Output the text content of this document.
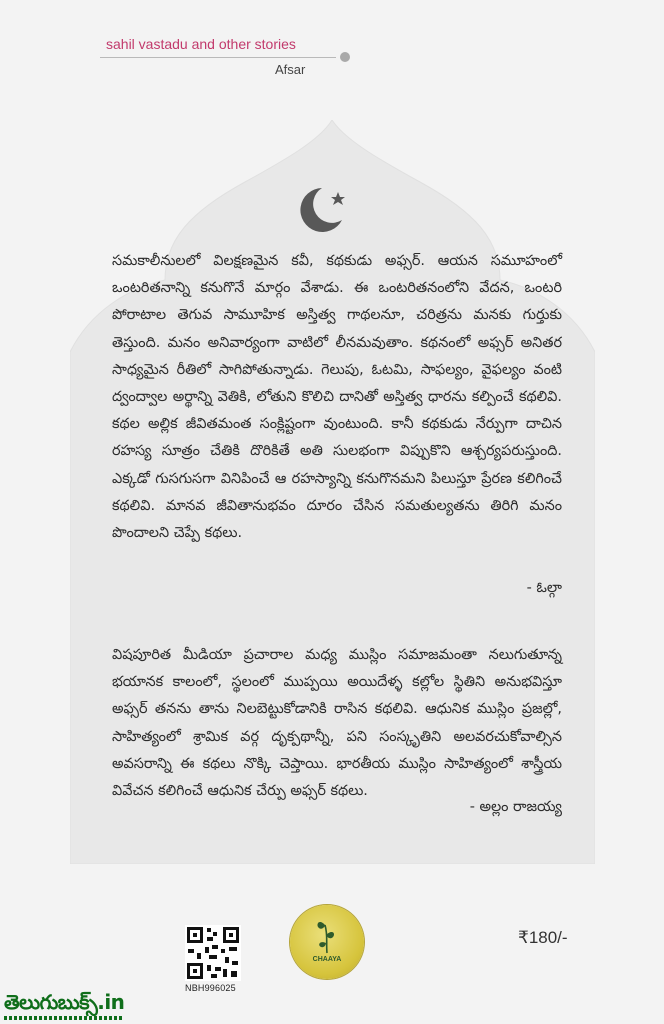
sahil vastadu and other stories
Afsar

సమకాలీనులలో విలక్షణమైన కవీ, కథకుడు అఫ్సర్. ఆయన సమూహంలో ఒంటరితనాన్ని కనుగొనే మార్గం వేశాడు. ఈ ఒంటరితనంలోని వేదన, ఒంటరి పోరాటాల తెగువ సామూహిక అస్తిత్వ గాథలనూ, చరిత్రను మనకు గుర్తుకు తెస్తుంది. మనం అనివార్యంగా వాటిలో లీనమవుతాం. కథనంలో అఫ్సర్ అనితర సాధ్యమైన రీతిలో సాగిపోతున్నాడు. గెలుపు, ఓటమి, సాఫల్యం, వైఫల్యం వంటి ద్వంద్వాల అర్థాన్ని వెతికి, లోతుని కొలిచి దానితో అస్తిత్వ ధారను కల్పించే కథలివి. కథల అల్లిక జీవితమంత సంక్లిష్టంగా వుంటుంది. కానీ కథకుడు నేర్పుగా దాచిన రహస్య సూత్రం చేతికి దొరికితే అతి సులభంగా విప్పుకొని ఆశ్చర్యపరుస్తుంది. ఎక్కడో గుసగుసగా వినిపించే ఆ రహస్యాన్ని కనుగొనమని పిలుస్తూ ప్రేరణ కలిగించే కథలివి. మానవ జీవితానుభవం దూరం చేసిన సమతుల్యతను తిరిగి మనం పొందాలని చెప్పే కథలు.

- ఓల్గా

విషపూరిత మీడియా ప్రచారాల మధ్య ముస్లిం సమాజమంతా నలుగుతూన్న భయానక కాలంలో, స్థలంలో ముప్పయి అయిదేళ్ళ కల్లోల స్థితిని అనుభవిస్తూ అఫ్సర్ తనను తాను నిలబెట్టుకోడానికి రాసిన కథలివి. ఆధునిక ముస్లిం ప్రజల్లో, సాహిత్యంలో శ్రామిక వర్గ దృక్పథాన్నీ, పని సంస్కృతిని అలవరచుకోవాల్సిన అవసరాన్ని ఈ కథలు నొక్కి చెప్తాయి. భారతీయ ముస్లిం సాహిత్యంలో శాస్త్రీయ వివేచన కలిగించే ఆధునిక చేర్పు అఫ్సర్ కథలు.

- అల్లం రాజయ్య
NBH996025
CHAAYA
₹180/-
తెలుగుబుక్స్.in
